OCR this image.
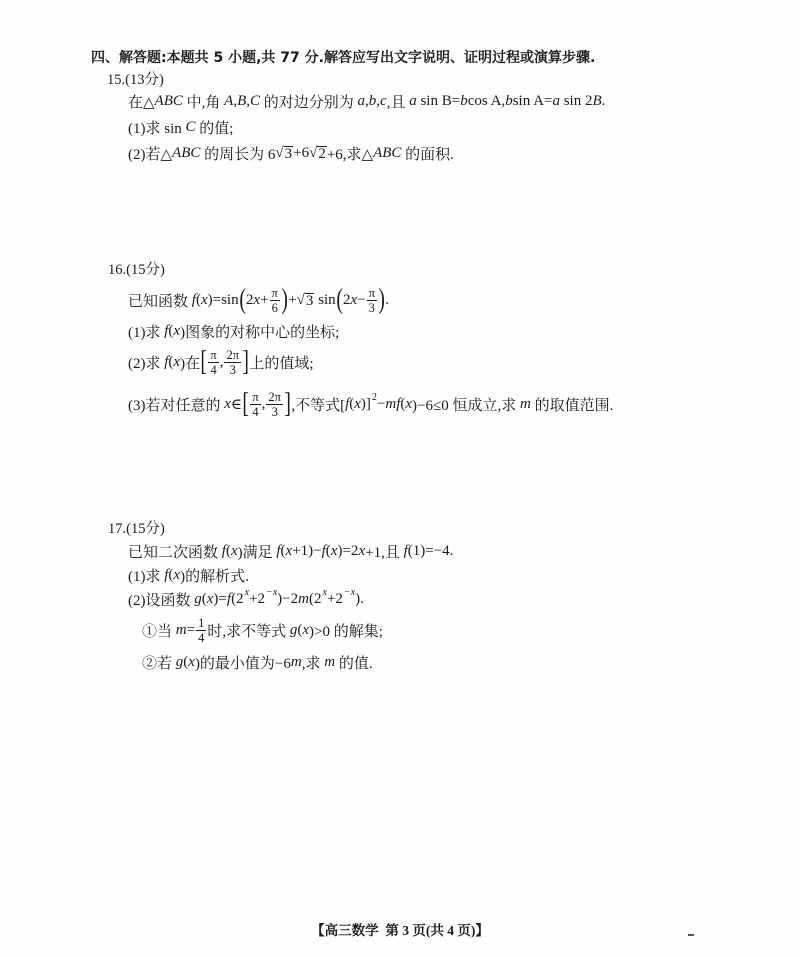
四、解答题:本题共 5 小题,共 77 分.解答应写出文字说明、证明过程或演算步骤.
15.(13分)
在△ ABC 中,角 A , B , C 的对边分别为 a , b , c ,且 a sin B= b cos A, b sin A= a sin 2 B .
(1)求 sin C 的值;
(2)若△ ABC 的周长为 6 √ 3 +6 √ 2 +6,求△ ABC 的面积.
16.(15分)
已知函数 f ( x )=sin ( 2 $x + \frac{\pi}{6}$ ) + √ 3 sin ( 2 $x - \frac{\pi}{3}$ ) .
(1)求 f ( x )图象的对称中心的坐标;
(2)求 f ( x )在 [ $\frac{\pi}{4}$ , $\frac{2\pi}{3}$ ] 上的值域;
(3)若对任意的 x ∈ [ $\frac{\pi}{4}$ , $\frac{2\pi}{3}$ ] ,不等式[ f ( x )] 2 − mf ( x )−6≤0 恒成立,求 m 的取值范围.
17.(15分)
已知二次函数 f ( x )满足 f ( x +1)− f ( x )=2 x +1,且 f (1)=−4.
(1)求 f ( x )的解析式.
(2)设函数 g ( x )= f (2 x +2 −x )−2 m (2 x +2 −x ).
①当 $m = \frac{1}{4}$ 时,求不等式 g ( x )>0 的解集;
②若 g ( x )的最小值为−6 m ,求 m 的值.
【高三数学  第 3 页(共 4 页)】
